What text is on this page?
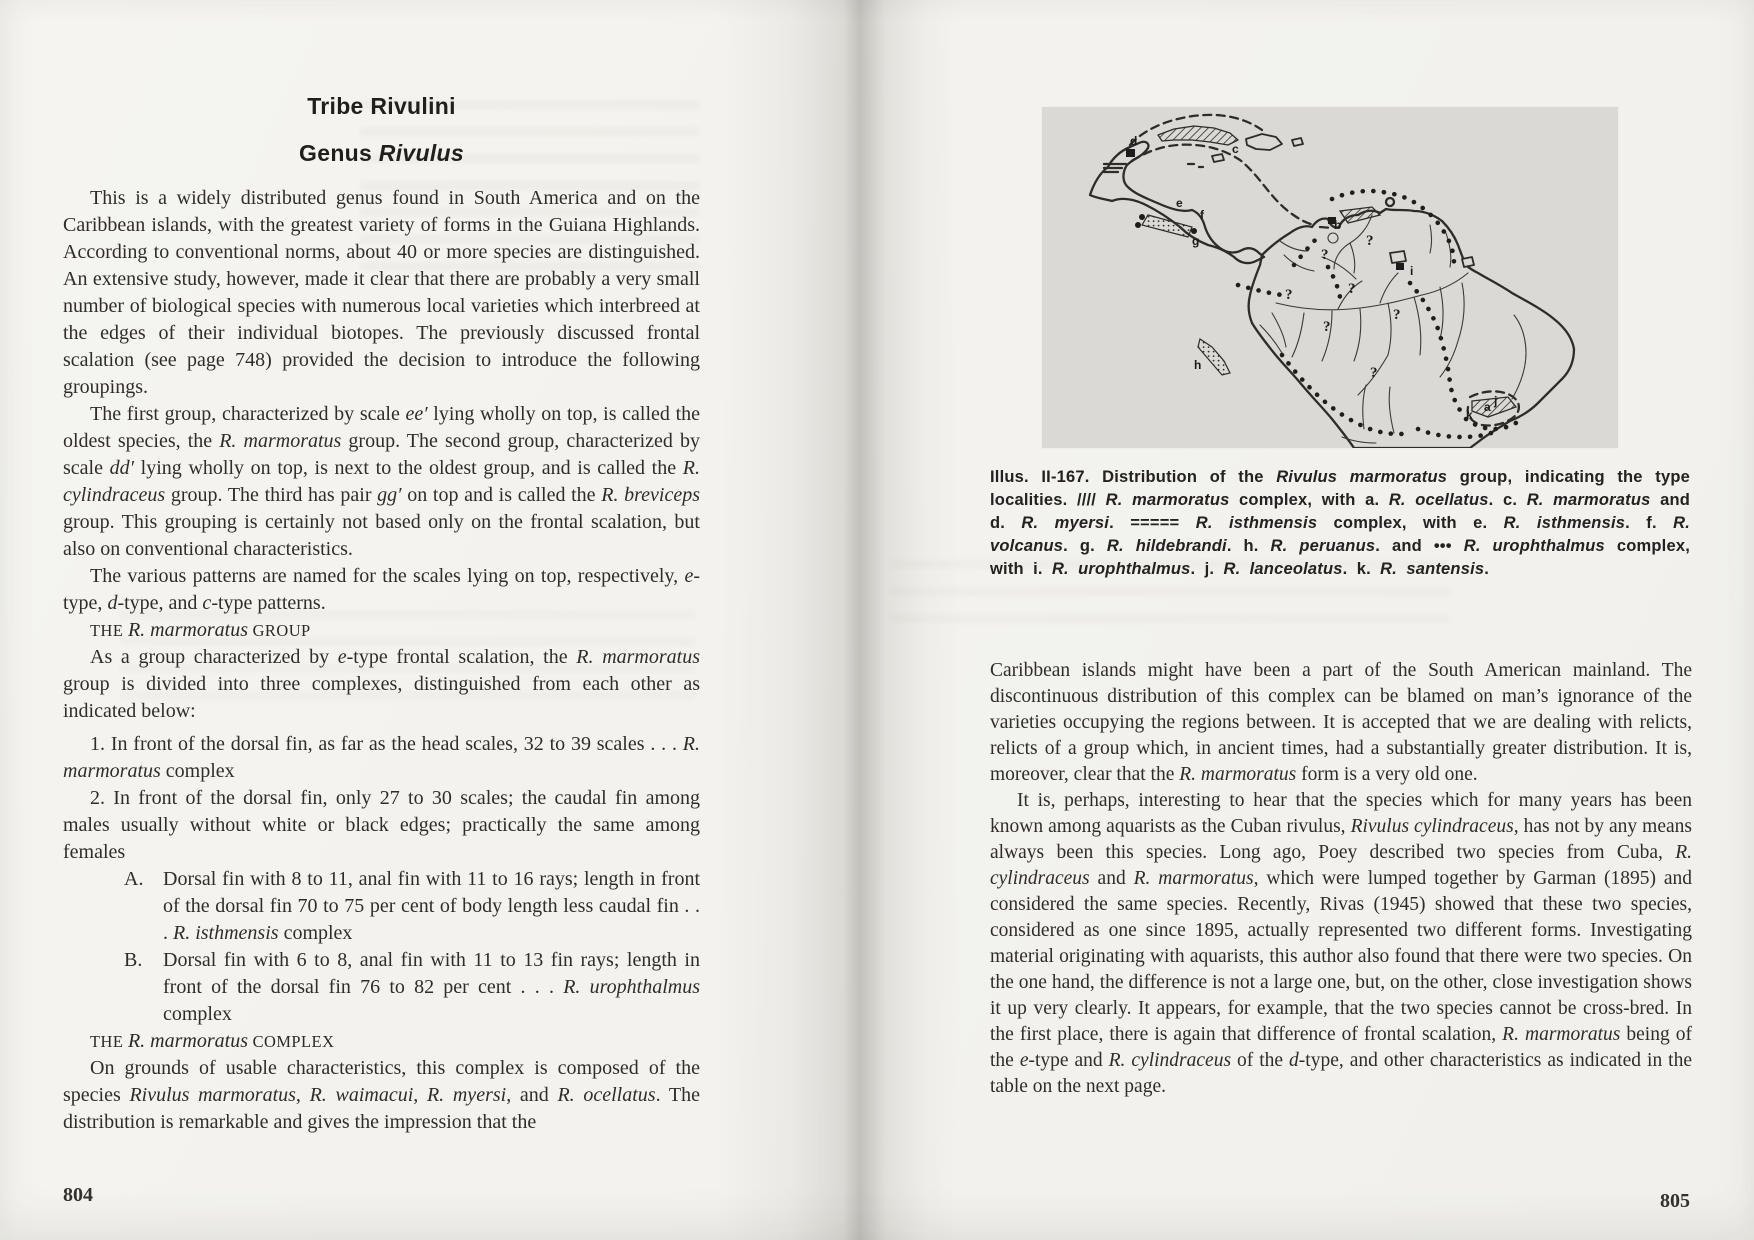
Tribe Rivulini
Genus Rivulus

This is a widely distributed genus found in South America and on the Caribbean islands, with the greatest variety of forms in the Guiana Highlands. According to conventional norms, about 40 or more species are distinguished. An extensive study, however, made it clear that there are probably a very small number of biological species with numerous local varieties which interbreed at the edges of their individual biotopes. The previously discussed frontal scalation (see page 748) provided the decision to introduce the following groupings.

The first group, characterized by scale ee′ lying wholly on top, is called the oldest species, the R. marmoratus group. The second group, characterized by scale dd′ lying wholly on top, is next to the oldest group, and is called the R. cylindraceus group. The third has pair gg′ on top and is called the R. breviceps group. This grouping is certainly not based only on the frontal scalation, but also on conventional characteristics.

The various patterns are named for the scales lying on top, respectively, e-type, d-type, and c-type patterns.

THE R. marmoratus GROUP

As a group characterized by e-type frontal scalation, the R. marmoratus group is divided into three complexes, distinguished from each other as indicated below:

1. In front of the dorsal fin, as far as the head scales, 32 to 39 scales . . . R. marmoratus complex

2. In front of the dorsal fin, only 27 to 30 scales; the caudal fin among males usually without white or black edges; practically the same among females

A. Dorsal fin with 8 to 11, anal fin with 11 to 16 rays; length in front of the dorsal fin 70 to 75 per cent of body length less caudal fin . . . R. isthmensis complex

B. Dorsal fin with 6 to 8, anal fin with 11 to 13 fin rays; length in front of the dorsal fin 76 to 82 per cent . . . R. urophthalmus complex

THE R. marmoratus COMPLEX

On grounds of usable characteristics, this complex is composed of the species Rivulus marmoratus, R. waimacui, R. myersi, and R. ocellatus. The distribution is remarkable and gives the impression that the

804
d
c
e
f
g
b
h
i
a j
k
?
?
?	?
?
?
?
Illus. II-167. Distribution of the Rivulus marmoratus group, indicating the type localities. //// R. marmoratus complex, with a. R. ocellatus. c. R. marmoratus and d. R. myersi. ===== R. isthmensis complex, with e. R. isthmensis. f. R. volcanus. g. R. hildebrandi. h. R. peruanus. and ••• R. urophthalmus complex, with i. R. urophthalmus. j. R. lanceolatus. k. R. santensis.

Caribbean islands might have been a part of the South American mainland. The discontinuous distribution of this complex can be blamed on man’s ignorance of the varieties occupying the regions between. It is accepted that we are dealing with relicts, relicts of a group which, in ancient times, had a substantially greater distribution. It is, moreover, clear that the R. marmoratus form is a very old one.

It is, perhaps, interesting to hear that the species which for many years has been known among aquarists as the Cuban rivulus, Rivulus cylindraceus, has not by any means always been this species. Long ago, Poey described two species from Cuba, R. cylindraceus and R. marmoratus, which were lumped together by Garman (1895) and considered the same species. Recently, Rivas (1945) showed that these two species, considered as one since 1895, actually represented two different forms. Investigating material originating with aquarists, this author also found that there were two species. On the one hand, the difference is not a large one, but, on the other, close investigation shows it up very clearly. It appears, for example, that the two species cannot be cross-bred. In the first place, there is again that difference of frontal scalation, R. marmoratus being of the e-type and R. cylindraceus of the d-type, and other characteristics as indicated in the table on the next page.

805
